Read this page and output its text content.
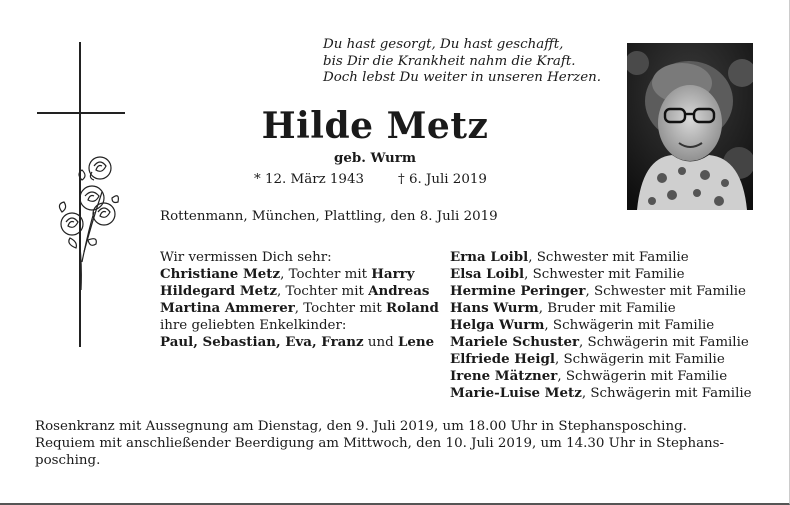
Du hast gesorgt, Du hast geschafft,
bis Dir die Krankheit nahm die Kraft.
Doch lebst Du weiter in unseren Herzen.
Hilde Metz
geb. Wurm
* 12. März 1943	† 6. Juli 2019
Rottenmann, München, Plattling, den 8. Juli 2019
Wir vermissen Dich sehr:
Christiane Metz, Tochter mit Harry
Hildegard Metz, Tochter mit Andreas
Martina Ammerer, Tochter mit Roland
ihre geliebten Enkelkinder:
Paul, Sebastian, Eva, Franz und Lene
Erna Loibl, Schwester mit Familie
Elsa Loibl, Schwester mit Familie
Hermine Peringer, Schwester mit Familie
Hans Wurm, Bruder mit Familie
Helga Wurm, Schwägerin mit Familie
Mariele Schuster, Schwägerin mit Familie
Elfriede Heigl, Schwägerin mit Familie
Irene Mätzner, Schwägerin mit Familie
Marie-Luise Metz, Schwägerin mit Familie
Rosenkranz mit Aussegnung am Dienstag, den 9. Juli 2019, um 18.00 Uhr in Stephansposching.
Requiem mit anschließender Beerdigung am Mittwoch, den 10. Juli 2019, um 14.30 Uhr in Stephans-
posching.
